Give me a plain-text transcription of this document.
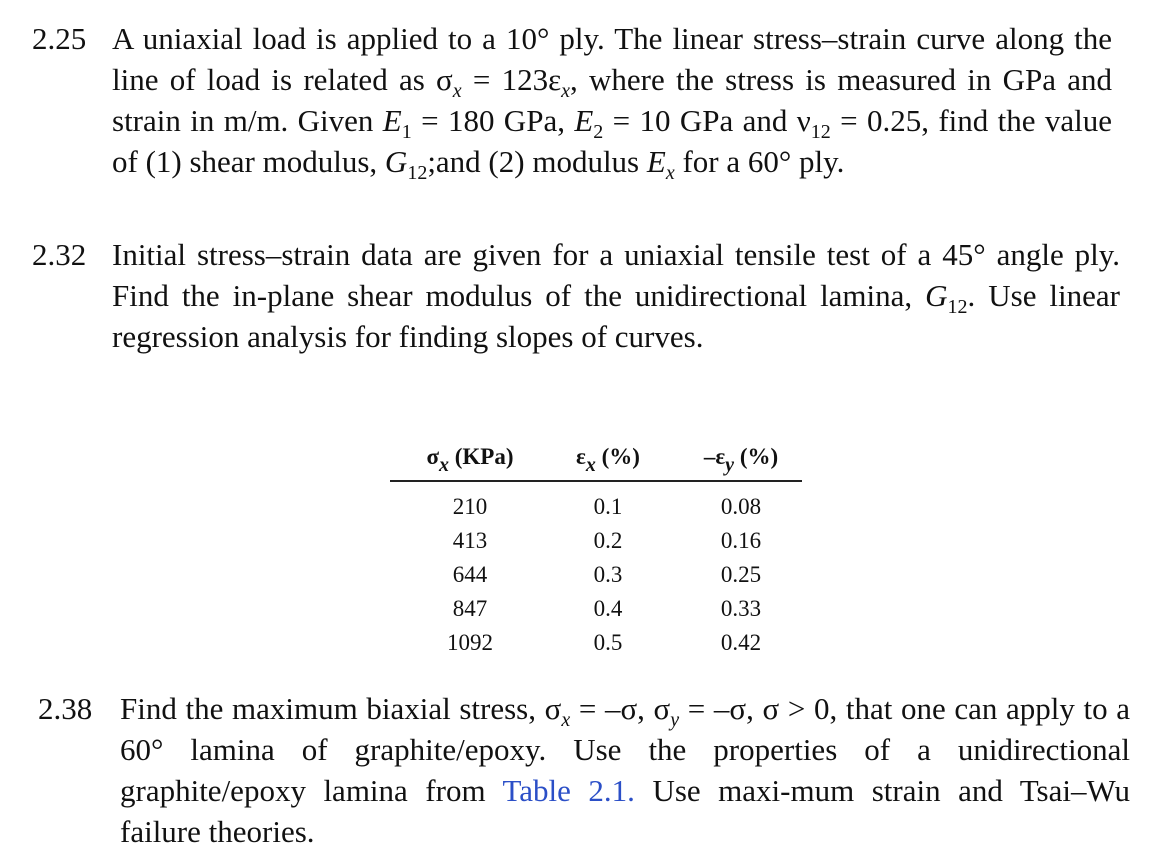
2.25 A uniaxial load is applied to a 10° ply. The linear stress–strain curve along the line of load is related as $\sigma_x = 123\varepsilon_x$, where the stress is measured in GPa and strain in m/m. Given $E_1 = 180$ GPa, $E_2 = 10$ GPa and $\nu_{12} = 0.25$, find the value of (1) shear modulus, $G_{12};and$ (2) modulus $E_x$ for a 60° ply.
2.32 Initial stress–strain data are given for a uniaxial tensile test of a 45° angle ply. Find the in-plane shear modulus of the unidirectional lamina, $G_{12}$. Use linear regression analysis for finding slopes of curves.
$\sigma_x$ (KPa)	$\varepsilon_x$ (%)	$-\varepsilon_y$ (%)
210
413
644
847
1092
0.1
0.2
0.3
0.4
0.5
0.08
0.16
0.25
0.33
0.42
2.38 Find the maximum biaxial stress, $\sigma_x = -\sigma$, $\sigma_y = -\sigma$, σ > 0, that one can apply to a 60° lamina of graphite/epoxy. Use the properties of a unidirectional graphite/epoxy lamina from Table 2.1. Use maxi-mum strain and Tsai–Wu failure theories.
